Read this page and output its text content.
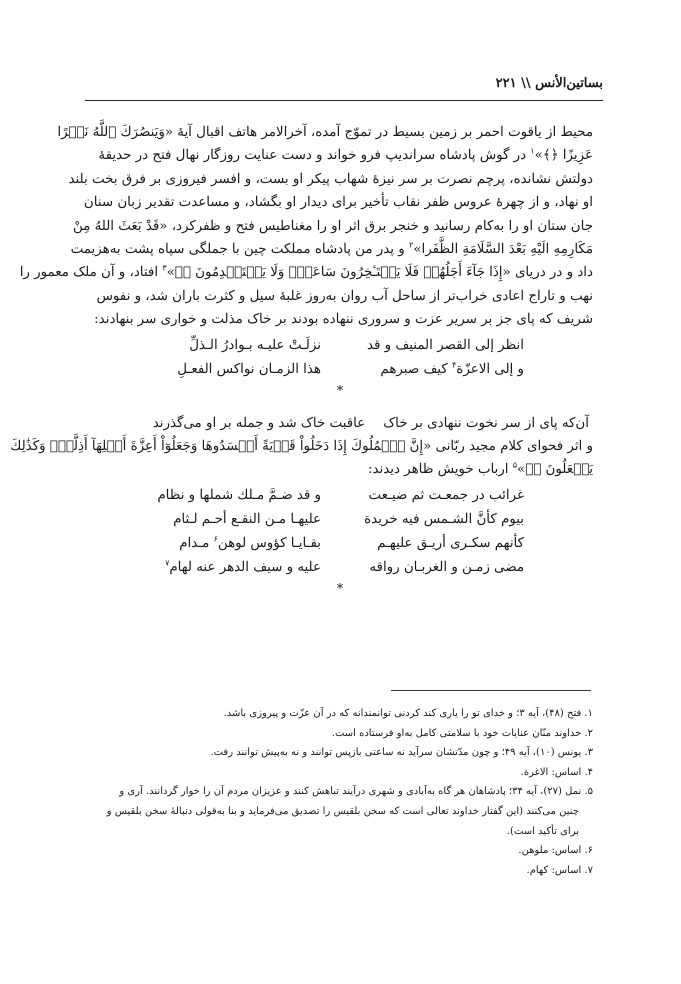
بساتین‌الأنس \\ ۲۲۱

محیط از یاقوت احمر بر زمین بسیط در تموّج آمده، آخرالامر هاتف اقبال آیهٔ «وَيَنصُرَكَ ٱللَّهُ نَصۡرًا
عَزِيزًا ﴿﴾»$^۱$ در گوش پادشاه سراندیپ فرو خواند و دست عنایت روزگار نهال فتح در حدیقهٔ
دولتش نشانده، پرچم نصرت بر سر نیزهٔ شهاب پیکر او بست، و افسر فیروزی بر فرق بخت بلند
او نهاد، و از چهرهٔ عروس ظفر نقاب تأخیر برای دیدار او بگشاد، و مساعدت تقدیر زبان سنان
جان ستان او را به‌کام رسانید و خنجر برق اثر او را مغناطیس فتح و ظفرکرد، «قَدْ بَعَثَ اللهُ مِنْ
مَكَارِمِهِ الَيْهِ بَعْدَ السَّلَامَةِ الظَّفَرا»$^۲$ و پدر من پادشاه مملکت چین با جملگی سپاه پشت به‌هزیمت
داد و در دریای «إِذَا جَآءَ أَجَلُهُمۡ فَلَا يَسۡتَـٔخِرُونَ سَاعَةًۖ وَلَا يَسۡتَقۡدِمُونَ ﴿﴾»$^۳$ افتاد، و آن ملک معمور را
نهب و تاراج اعادی خراب‌تر از ساحل آب روان به‌روز غلبهٔ سیل و کثرت باران شد، و نفوس
شریف که پای جز بر سریر عزت و سروری ننهاده بودند بر خاک مذلت و خواری سر بنهادند:

انظر إلى القصر المنيف و قد
نزلَـتْ عليـه بـوادرُ الـذلِّ
و إلى الاعزّة$^۴$ كيف صبرهم
هذا الزمـان نواكس الفعـلِ
*
آن‌که پای از سر نخوت ننهادی بر خاک
عاقبت خاک شد و جمله بر او می‌گذرند

و اثر فحوای کلام مجید ربّانی «إِنَّ ٱلۡمُلُوكَ إِذَا دَخَلُواْ قَرۡيَةً أَفۡسَدُوهَا وَجَعَلُوٓاْ أَعِزَّةَ أَهۡلِهَآ أَذِلَّةًۖ وَكَذَٰلِكَ
يَفۡعَلُونَ ﴿﴾»$^۵$ ارباب خویش ظاهر دیدند:

غرائب در جمعـت ثم ضيـعت
و قد ضـمَّ مـلك شملها و نظام
بیوم كأنَّ الشـمس فيه خريدة
عليهـا مـن النقـع أحـم لـثام
كأنهم سكـرى أريـق عليهـم
بقـايـا كؤوس لوهن$^۶$ مـدام
مضى زمـن و الغربـان رواقه
عليه و سيف الدهر عنه لهام$^۷$
*
۱. فتح (۴۸)، آیه ۳؛ و خدای تو را یاری کند کردنی توانمندانه که در آن عزّت و پیروزی باشد.
۲. خداوند منّان عنایات خود با سلامتی کامل به‌او فرستاده است.
۳. یونس (۱۰)، آیه ۴۹؛ و چون مدّتشان سرآید نه ساعتی بازپس توانند و نه به‌پیش توانند رفت.
۴. اساس: الاغرة.
۵. نمل (۲۷)، آیه ۳۴؛ پادشاهان هر گاه به‌آبادی و شهری درآیند تباهش کنند و عزیزان مردم آن را خوار گردانند. آری و
چنین می‌کنند (این گفتار خداوند تعالی است که سخن بلقیس را تصدیق می‌فرماید و بنا به‌قولی دنبالهٔ سخن بلقیس و
برای تأکید است).
۶. اساس: ملوهن.
۷. اساس: کهام.
